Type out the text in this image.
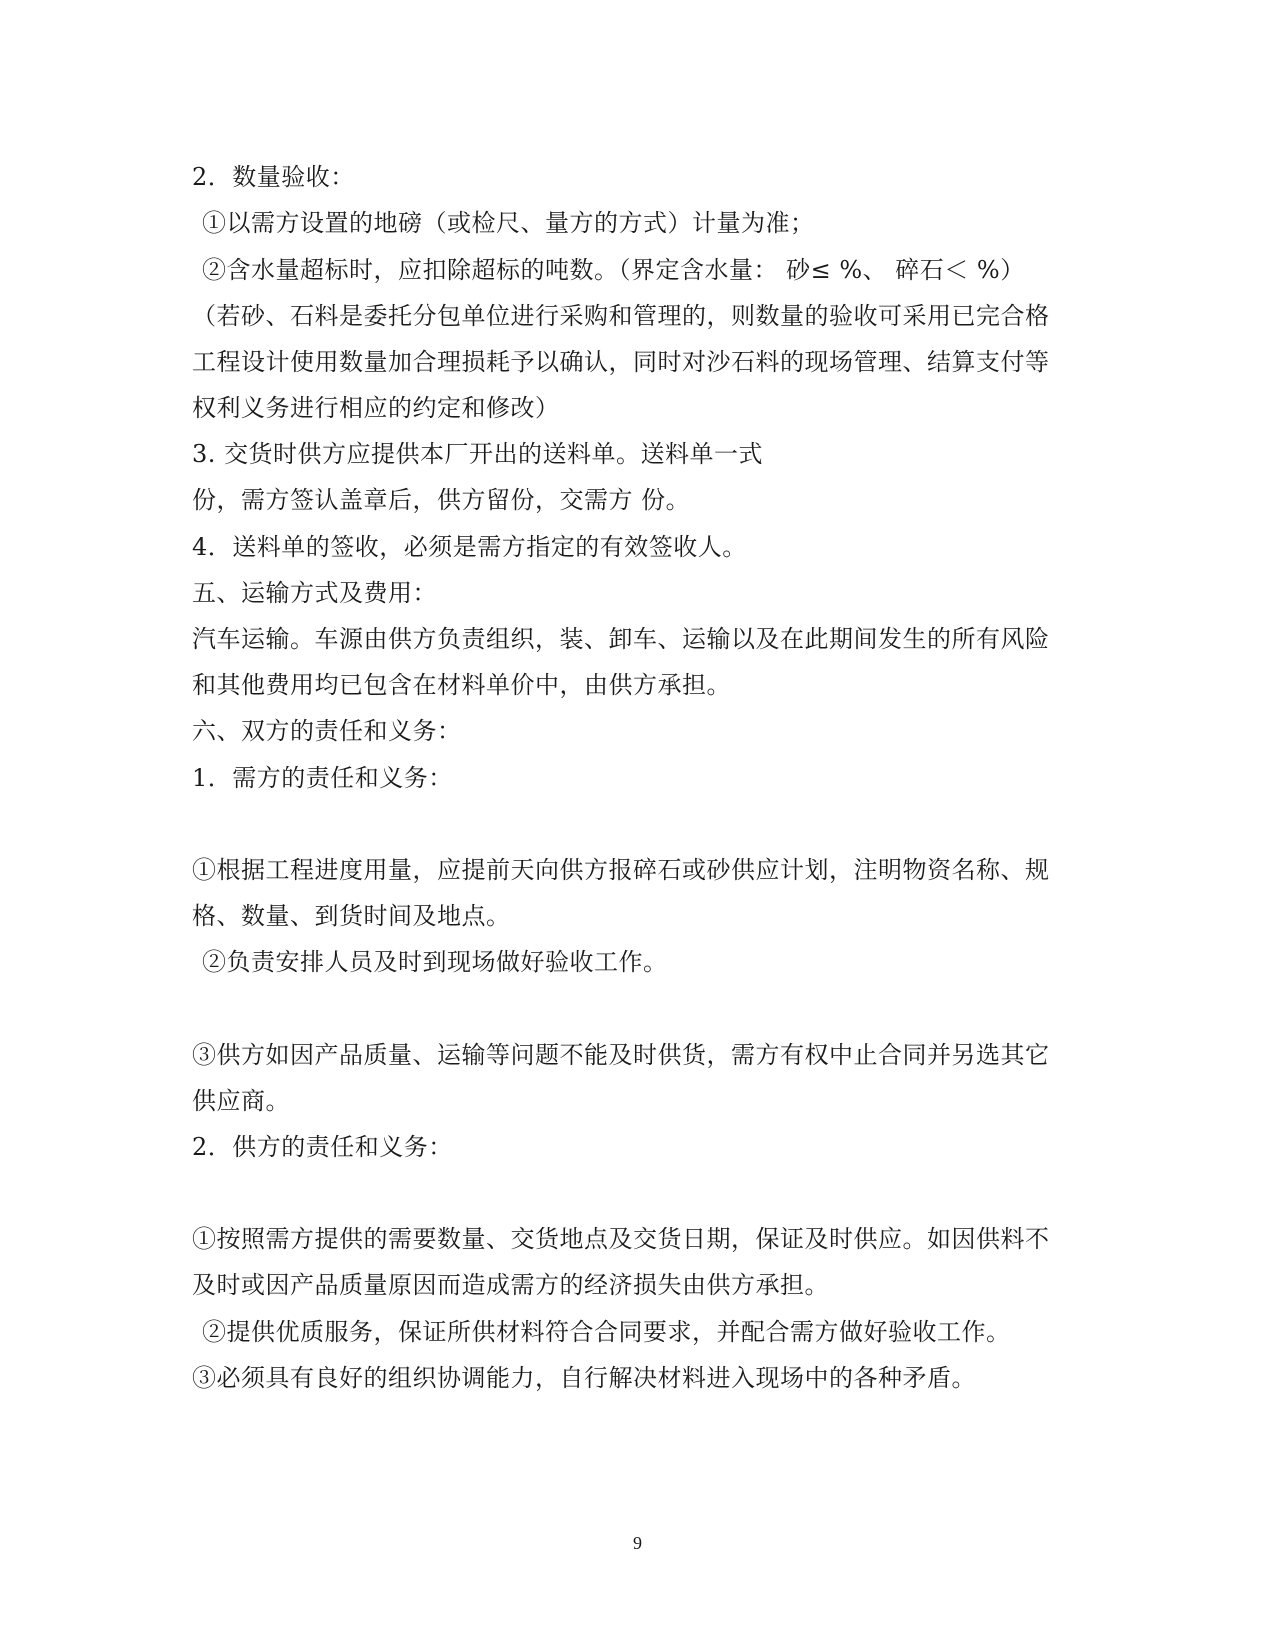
2．数量验收：
①以需方设置的地磅（或检尺、量方的方式）计量为准；
②含水量超标时，应扣除超标的吨数。（界定含水量： 砂≤ %、 碎石＜ %）
（若砂、石料是委托分包单位进行采购和管理的，则数量的验收可采用已完合格
工程设计使用数量加合理损耗予以确认，同时对沙石料的现场管理、结算支付等
权利义务进行相应的约定和修改）
3. 交货时供方应提供本厂开出的送料单。送料单一式
份，需方签认盖章后，供方留份，交需方 份。
4．送料单的签收，必须是需方指定的有效签收人。
五、运输方式及费用：
汽车运输。车源由供方负责组织，装、卸车、运输以及在此期间发生的所有风险
和其他费用均已包含在材料单价中，由供方承担。
六、双方的责任和义务：
1．需方的责任和义务：
①根据工程进度用量，应提前天向供方报碎石或砂供应计划，注明物资名称、规
格、数量、到货时间及地点。
②负责安排人员及时到现场做好验收工作。
③供方如因产品质量、运输等问题不能及时供货，需方有权中止合同并另选其它
供应商。
2．供方的责任和义务：
①按照需方提供的需要数量、交货地点及交货日期，保证及时供应。如因供料不
及时或因产品质量原因而造成需方的经济损失由供方承担。
②提供优质服务，保证所供材料符合合同要求，并配合需方做好验收工作。
③必须具有良好的组织协调能力，自行解决材料进入现场中的各种矛盾。
9
